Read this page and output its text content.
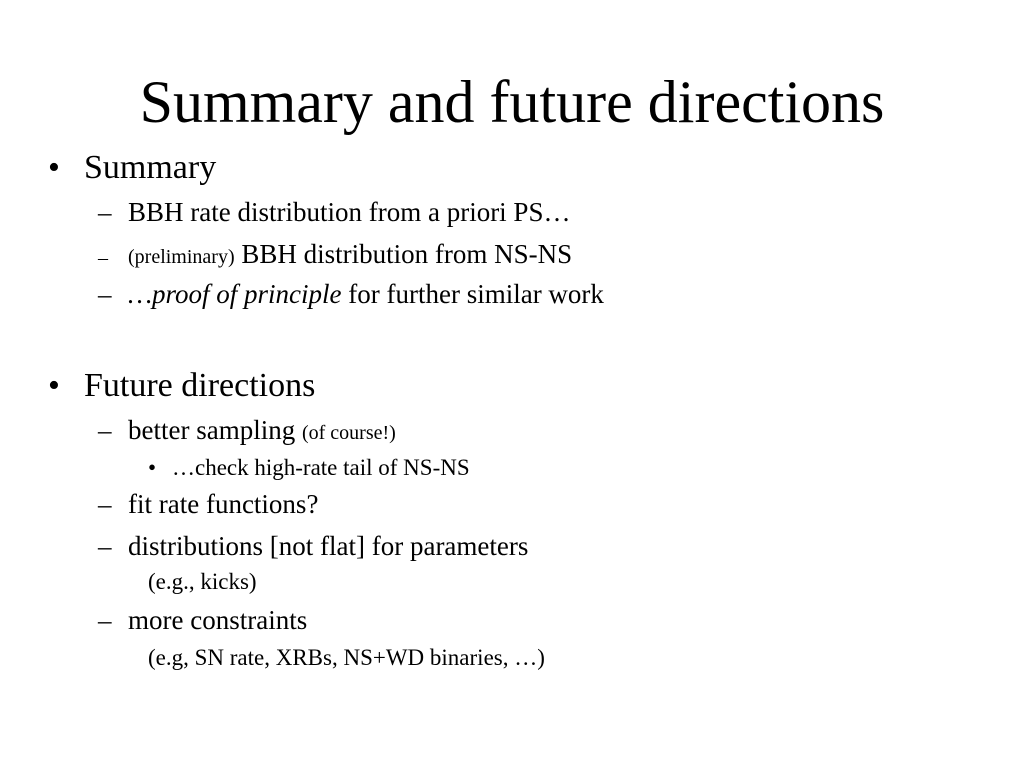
Summary and future directions
• Summary
– BBH rate distribution from a priori PS…
– (preliminary) BBH distribution from NS-NS
– …proof of principle for further similar work
• Future directions
– better sampling (of course!)
• …check high-rate tail of NS-NS
– fit rate functions?
– distributions [not flat] for parameters
(e.g., kicks)
– more constraints
(e.g, SN rate, XRBs, NS+WD binaries, …)
